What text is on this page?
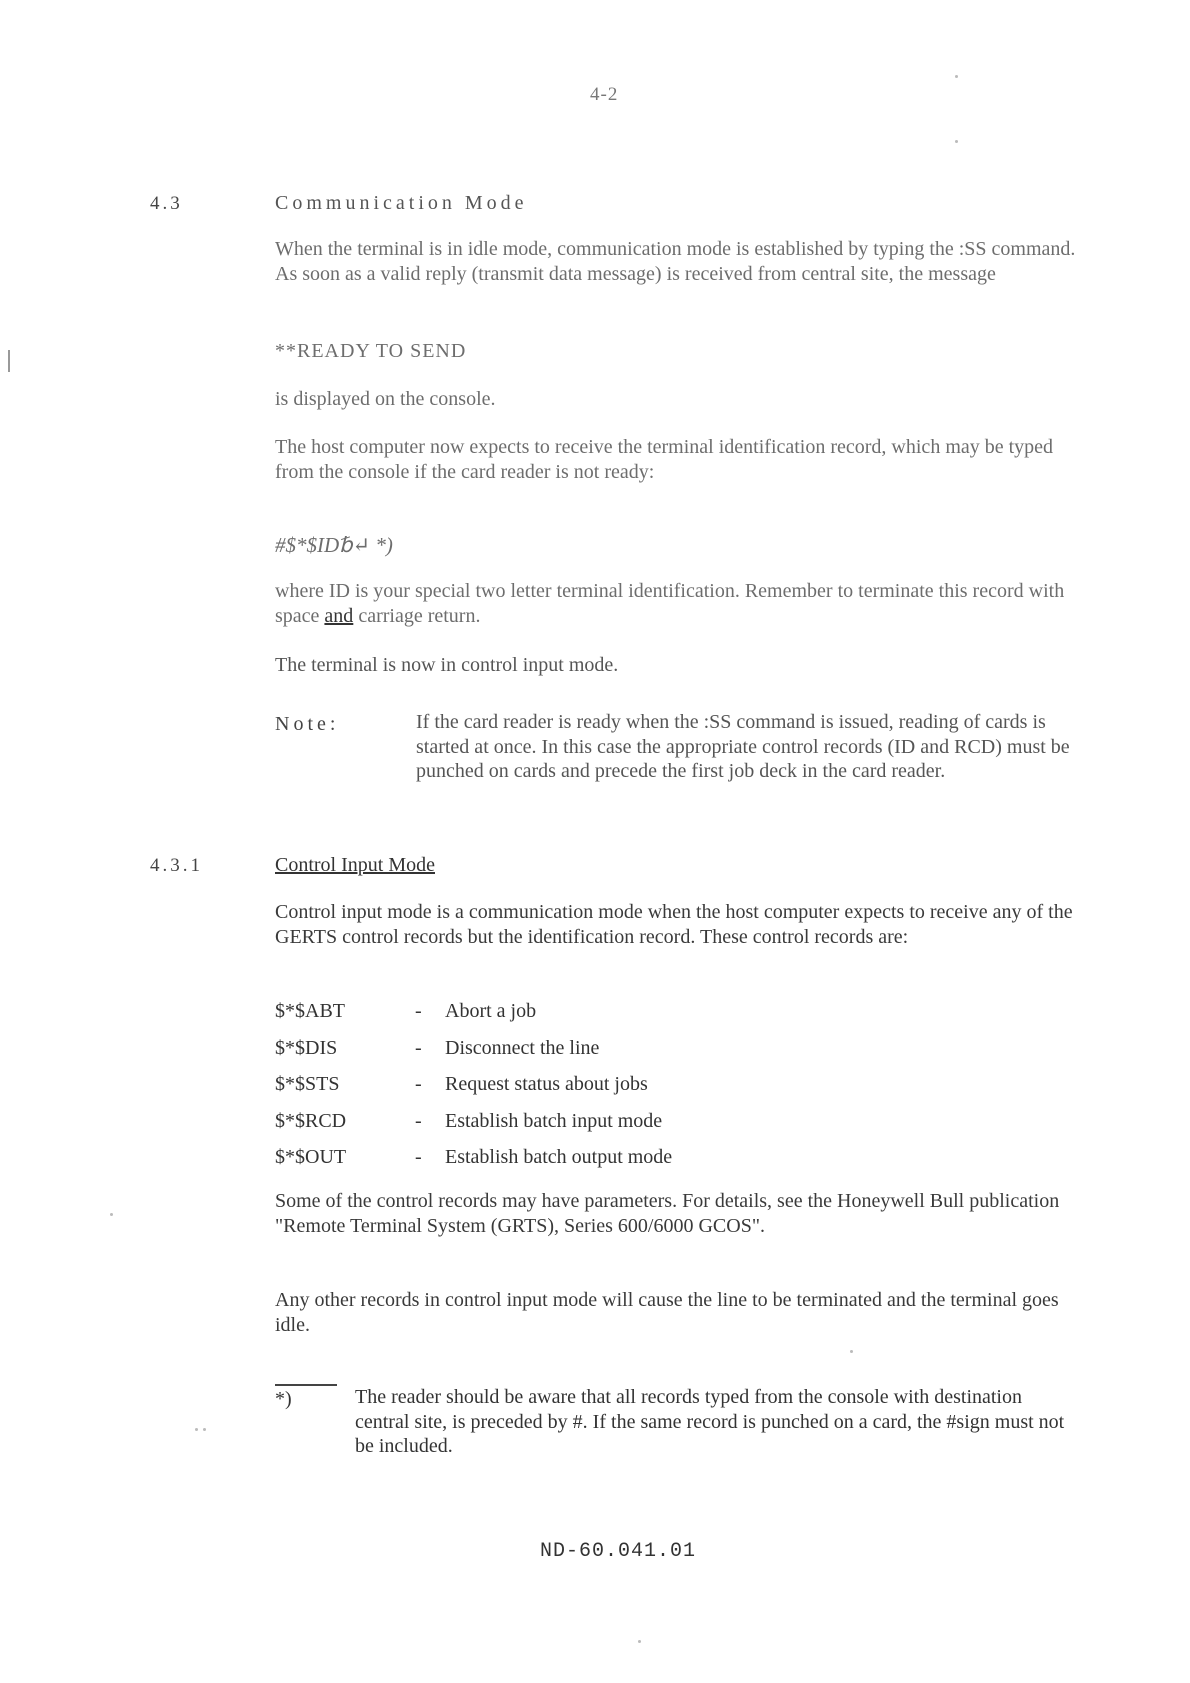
4-2
4.3	Communication Mode

When the terminal is in idle mode, communication mode is established by typing the :SS command. As soon as a valid reply (transmit data message) is received from central site, the message

**READY TO SEND
is displayed on the console.

The host computer now expects to receive the terminal identification record, which may be typed from the console if the card reader is not ready:

#$*$ID␢↵ *)

where ID is your special two letter terminal identification. Remember to terminate this record with space and carriage return.

The terminal is now in control input mode.
Note:	If the card reader is ready when the :SS command is issued, reading of cards is started at once. In this case the appropriate control records (ID and RCD) must be punched on cards and precede the first job deck in the card reader.

4.3.1	Control Input Mode

Control input mode is a communication mode when the host computer expects to receive any of the GERTS control records but the identification record. These control records are:

$*$ABT	-	Abort a job
$*$DIS	-	Disconnect the line
$*$STS	-	Request status about jobs
$*$RCD	-	Establish batch input mode
$*$OUT	-	Establish batch output mode

Some of the control records may have parameters. For details, see the Honeywell Bull publication "Remote Terminal System (GRTS), Series 600/6000 GCOS".

Any other records in control input mode will cause the line to be terminated and the terminal goes idle.

*)	The reader should be aware that all records typed from the console with destination central site, is preceded by #. If the same record is punched on a card, the #sign must not be included.

ND-60.041.01
